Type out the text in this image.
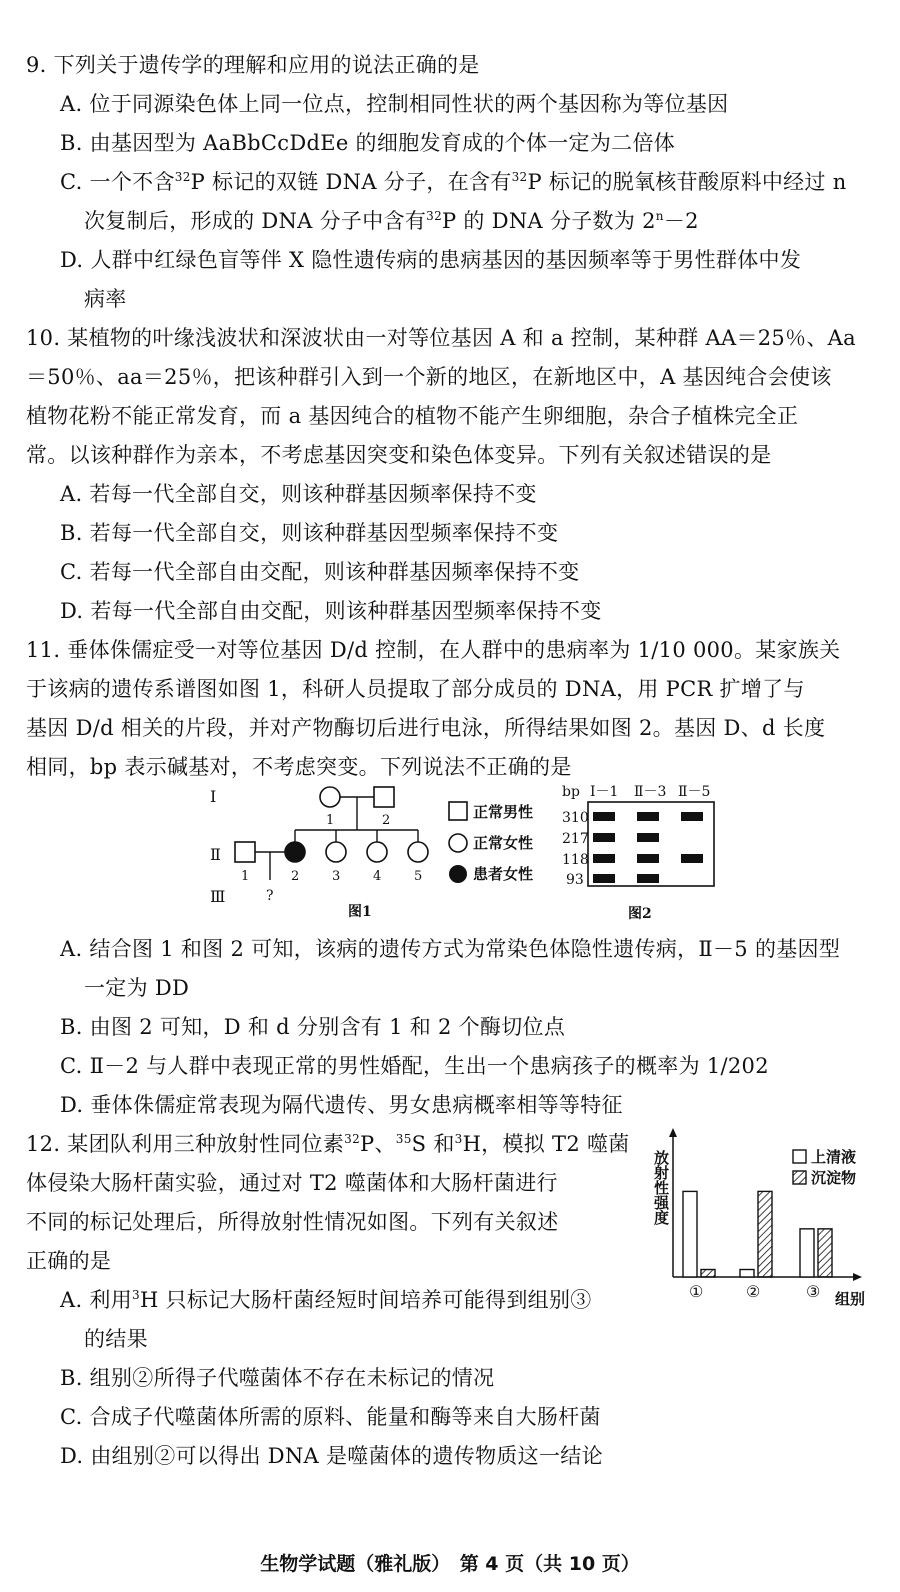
9. 下列关于遗传学的理解和应用的说法正确的是
A. 位于同源染色体上同一位点，控制相同性状的两个基因称为等位基因
B. 由基因型为 AaBbCcDdEe 的细胞发育成的个体一定为二倍体
C. 一个不含$^{32}$P 标记的双链 DNA 分子，在含有$^{32}$P 标记的脱氧核苷酸原料中经过 n
次复制后，形成的 DNA 分子中含有$^{32}$P 的 DNA 分子数为 $2^n-2$
D. 人群中红绿色盲等伴 X 隐性遗传病的患病基因的基因频率等于男性群体中发
病率
10. 某植物的叶缘浅波状和深波状由一对等位基因 A 和 a 控制，某种群 AA＝25％、Aa
＝50％、aa＝25％，把该种群引入到一个新的地区，在新地区中，A 基因纯合会使该
植物花粉不能正常发育，而 a 基因纯合的植物不能产生卵细胞，杂合子植株完全正
常。以该种群作为亲本，不考虑基因突变和染色体变异。下列有关叙述错误的是
A. 若每一代全部自交，则该种群基因频率保持不变
B. 若每一代全部自交，则该种群基因型频率保持不变
C. 若每一代全部自由交配，则该种群基因频率保持不变
D. 若每一代全部自由交配，则该种群基因型频率保持不变
11. 垂体侏儒症受一对等位基因 D/d 控制，在人群中的患病率为 1/10 000。某家族关
于该病的遗传系谱图如图 1，科研人员提取了部分成员的 DNA，用 PCR 扩增了与
基因 D/d 相关的片段，并对产物酶切后进行电泳，所得结果如图 2。基因 D、d 长度
相同，bp 表示碱基对，不考虑突变。下列说法不正确的是
Ⅰ
Ⅱ
Ⅲ
1	2
1	2	3	4	5
?
正常男性
正常女性
患者女性
图1
bp Ⅰ－1 Ⅱ－3 Ⅱ－5
310
217
118
93
图2
A. 结合图 1 和图 2 可知，该病的遗传方式为常染色体隐性遗传病，Ⅱ－5 的基因型
一定为 DD
B. 由图 2 可知，D 和 d 分别含有 1 和 2 个酶切位点
C. Ⅱ－2 与人群中表现正常的男性婚配，生出一个患病孩子的概率为 1/202
D. 垂体侏儒症常表现为隔代遗传、男女患病概率相等等特征
12. 某团队利用三种放射性同位素$^{32}$P、$^{35}$S 和$^3$H，模拟 T2 噬菌
体侵染大肠杆菌实验，通过对 T2 噬菌体和大肠杆菌进行
不同的标记处理后，所得放射性情况如图。下列有关叙述
正确的是
A. 利用$^3$H 只标记大肠杆菌经短时间培养可能得到组别③
的结果
B. 组别②所得子代噬菌体不存在未标记的情况
C. 合成子代噬菌体所需的原料、能量和酶等来自大肠杆菌
D. 由组别②可以得出 DNA 是噬菌体的遗传物质这一结论
放射性强度	上清液
沉淀物
①	②	③ 组别
生物学试题（雅礼版）　第 4 页（共 10 页）
